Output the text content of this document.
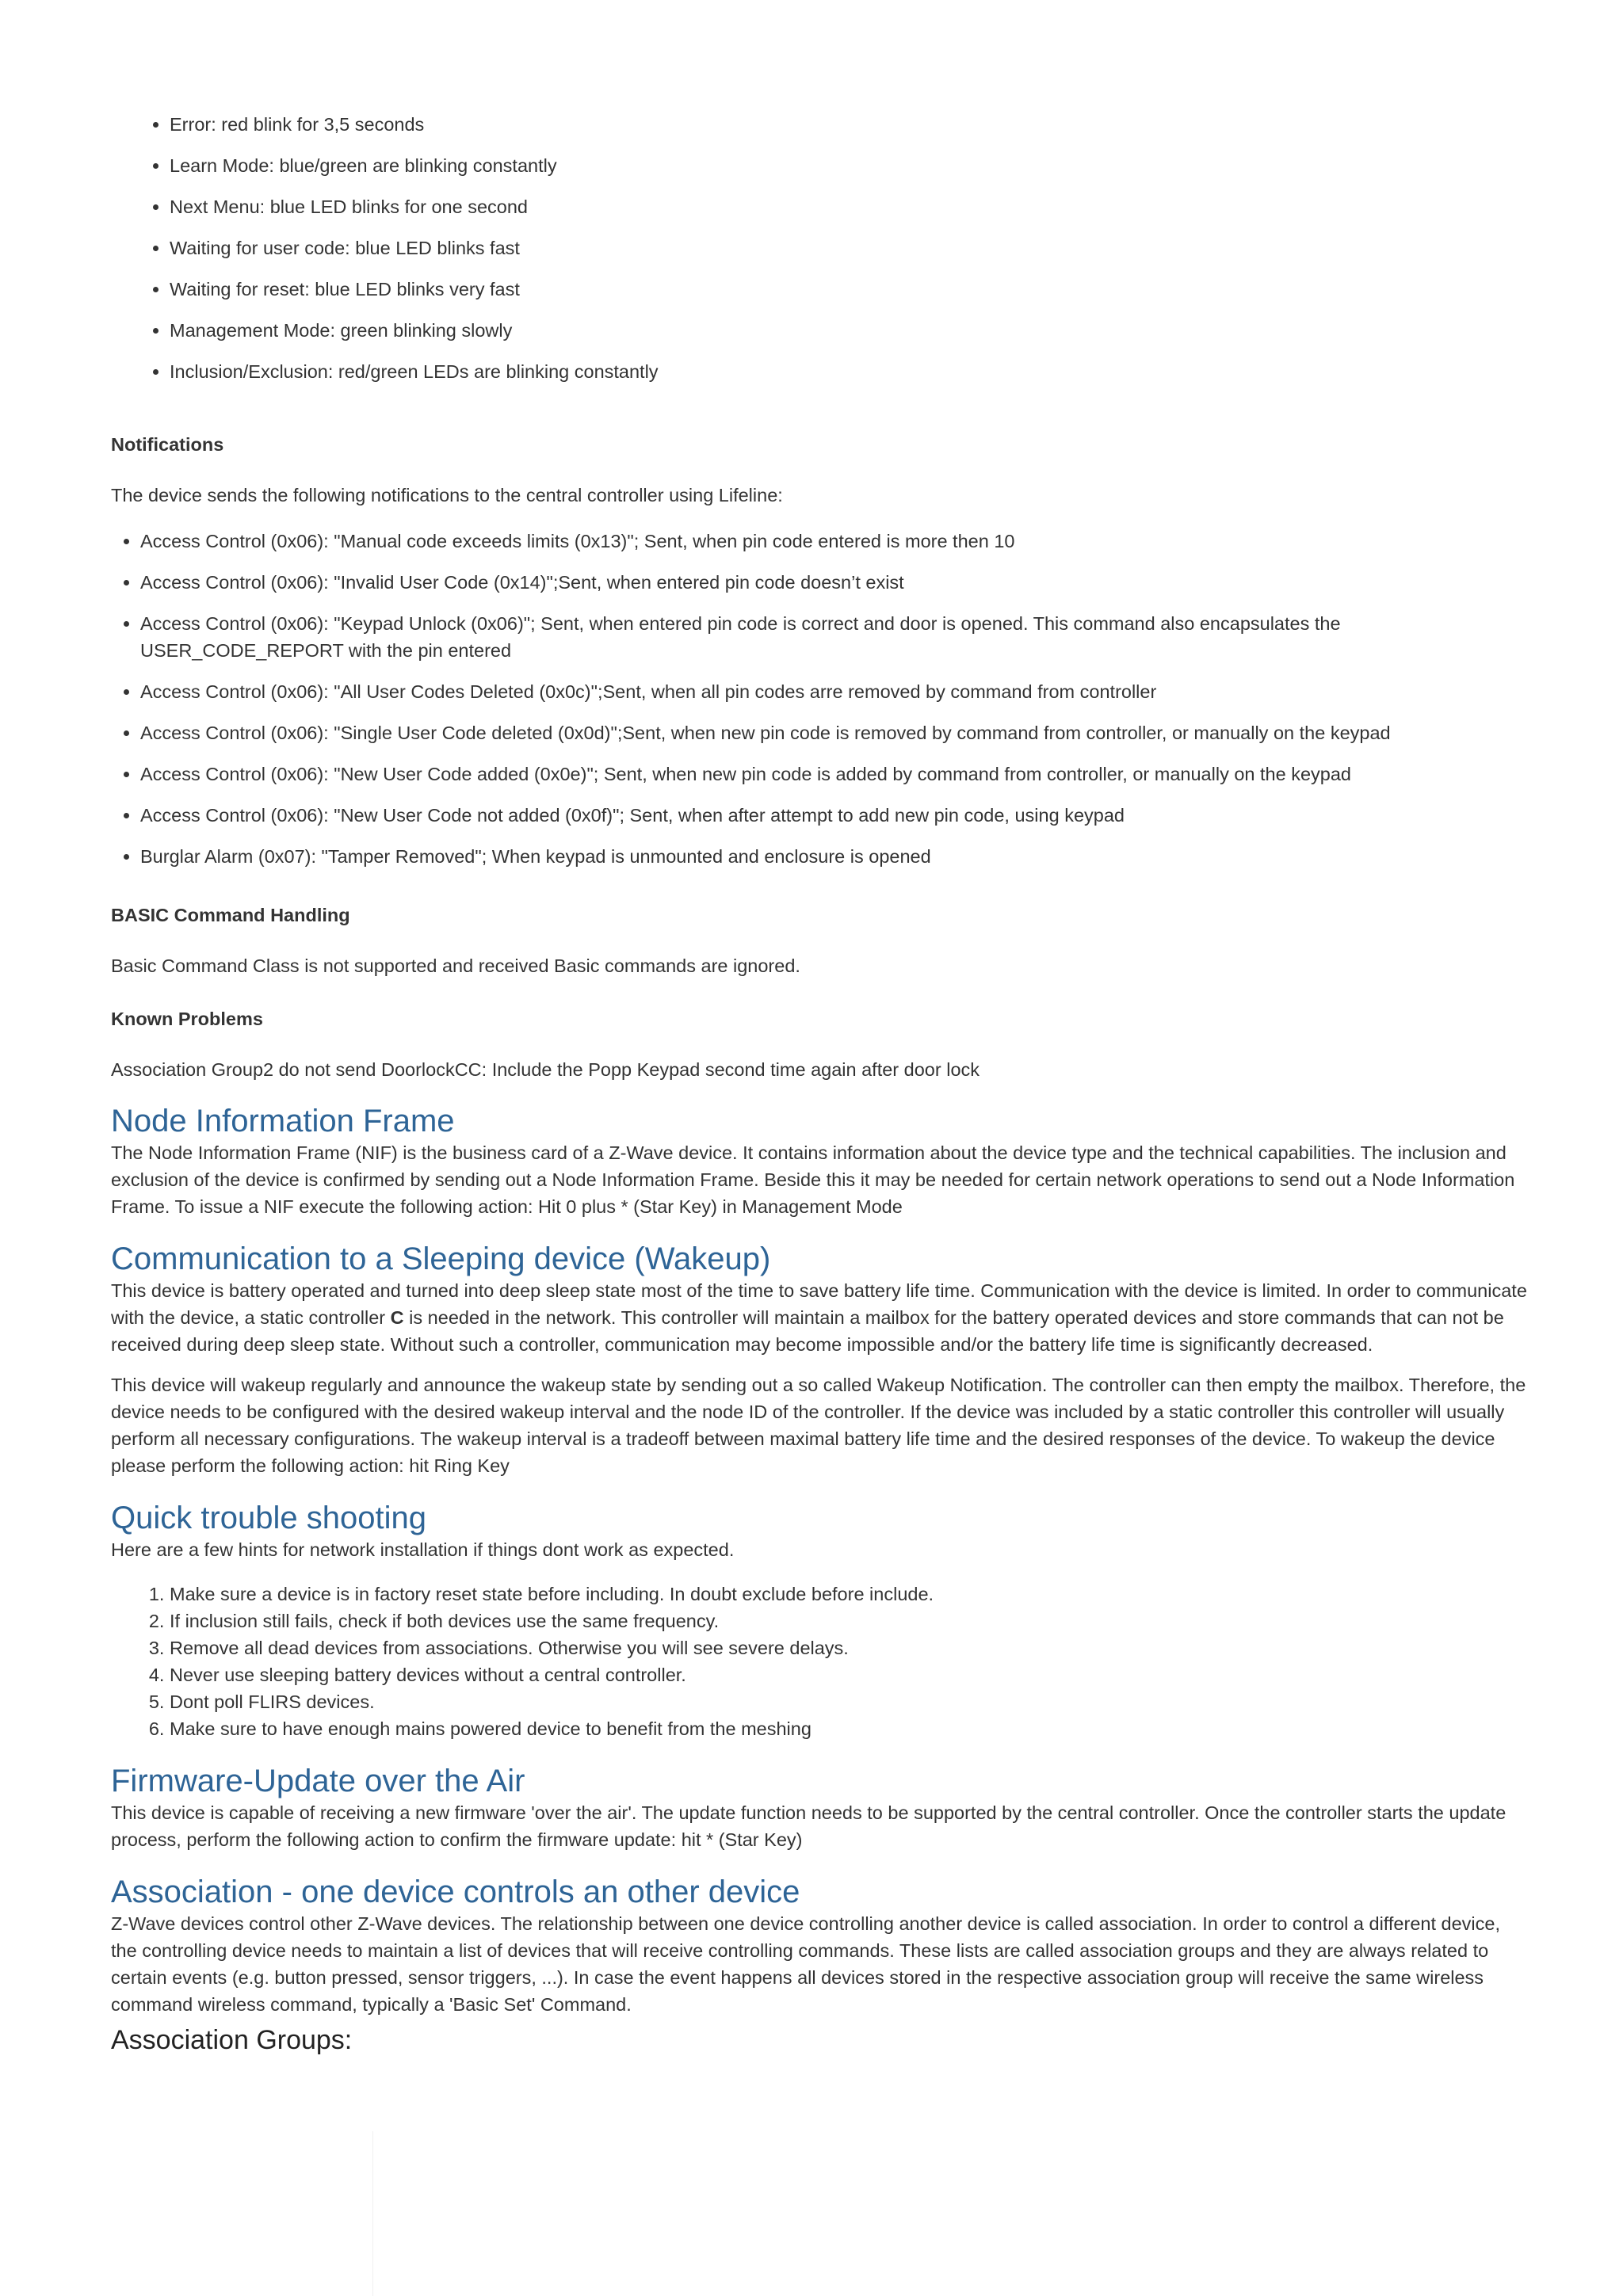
• Error: red blink for 3,5 seconds
• Learn Mode: blue/green are blinking constantly
• Next Menu: blue LED blinks for one second
• Waiting for user code: blue LED blinks fast
• Waiting for reset: blue LED blinks very fast
• Management Mode: green blinking slowly
• Inclusion/Exclusion: red/green LEDs are blinking constantly

Notifications

The device sends the following notifications to the central controller using Lifeline:

• Access Control (0x06): "Manual code exceeds limits (0x13)"; Sent, when pin code entered is more then 10
• Access Control (0x06): "Invalid User Code (0x14)";Sent, when entered pin code doesn’t exist
• Access Control (0x06): "Keypad Unlock (0x06)"; Sent, when entered pin code is correct and door is opened. This command also encapsulates the USER_CODE_REPORT with the pin entered
• Access Control (0x06): "All User Codes Deleted (0x0c)";Sent, when all pin codes arre removed by command from controller
• Access Control (0x06): "Single User Code deleted (0x0d)";Sent, when new pin code is removed by command from controller, or manually on the keypad
• Access Control (0x06): "New User Code added (0x0e)"; Sent, when new pin code is added by command from controller, or manually on the keypad
• Access Control (0x06): "New User Code not added (0x0f)"; Sent, when after attempt to add new pin code, using keypad
• Burglar Alarm (0x07): "Tamper Removed"; When keypad is unmounted and enclosure is opened

BASIC Command Handling

Basic Command Class is not supported and received Basic commands are ignored.

Known Problems

Association Group2 do not send DoorlockCC: Include the Popp Keypad second time again after door lock

Node Information Frame

The Node Information Frame (NIF) is the business card of a Z-Wave device. It contains information about the device type and the technical capabilities. The inclusion and exclusion of the device is confirmed by sending out a Node Information Frame. Beside this it may be needed for certain network operations to send out a Node Information Frame. To issue a NIF execute the following action: Hit 0 plus * (Star Key) in Management Mode

Communication to a Sleeping device (Wakeup)

This device is battery operated and turned into deep sleep state most of the time to save battery life time. Communication with the device is limited. In order to communicate with the device, a static controller C is needed in the network. This controller will maintain a mailbox for the battery operated devices and store commands that can not be received during deep sleep state. Without such a controller, communication may become impossible and/or the battery life time is significantly decreased.

This device will wakeup regularly and announce the wakeup state by sending out a so called Wakeup Notification. The controller can then empty the mailbox. Therefore, the device needs to be configured with the desired wakeup interval and the node ID of the controller. If the device was included by a static controller this controller will usually perform all necessary configurations. The wakeup interval is a tradeoff between maximal battery life time and the desired responses of the device. To wakeup the device please perform the following action: hit Ring Key

Quick trouble shooting

Here are a few hints for network installation if things dont work as expected.

1. Make sure a device is in factory reset state before including. In doubt exclude before include.
2. If inclusion still fails, check if both devices use the same frequency.
3. Remove all dead devices from associations. Otherwise you will see severe delays.
4. Never use sleeping battery devices without a central controller.
5. Dont poll FLIRS devices.
6. Make sure to have enough mains powered device to benefit from the meshing
Firmware-Update over the Air

This device is capable of receiving a new firmware 'over the air'. The update function needs to be supported by the central controller. Once the controller starts the update process, perform the following action to confirm the firmware update: hit * (Star Key)

Association - one device controls an other device

Z-Wave devices control other Z-Wave devices. The relationship between one device controlling another device is called association. In order to control a different device, the controlling device needs to maintain a list of devices that will receive controlling commands. These lists are called association groups and they are always related to certain events (e.g. button pressed, sensor triggers, ...). In case the event happens all devices stored in the respective association group will receive the same wireless command wireless command, typically a 'Basic Set' Command.

Association Groups:
